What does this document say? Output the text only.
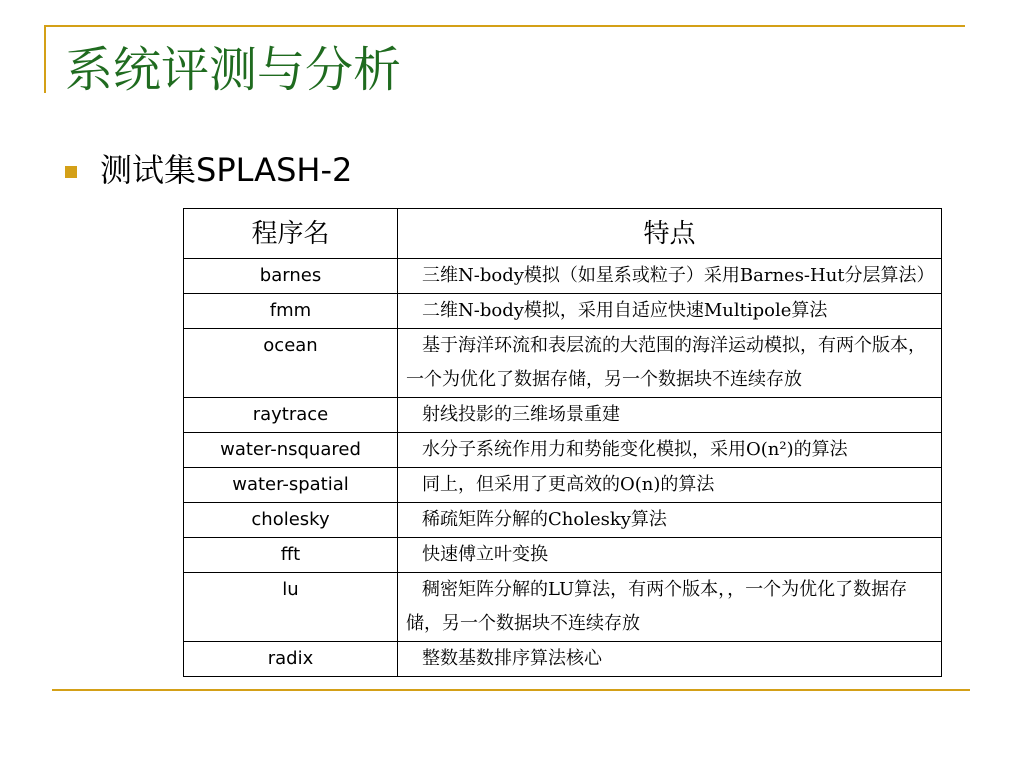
系统评测与分析

测试集SPLASH-2

程序名	特点
barnes	三维N-body模拟（如星系或粒子）采用Barnes-Hut分层算法）
fmm	二维N-body模拟，采用自适应快速Multipole算法
ocean	基于海洋环流和表层流的大范围的海洋运动模拟，有两个版本，一个为优化了数据存储，另一个数据块不连续存放
raytrace	射线投影的三维场景重建
water-nsquared	水分子系统作用力和势能变化模拟，采用O(n²)的算法
water-spatial	同上，但采用了更高效的O(n)的算法
cholesky	稀疏矩阵分解的Cholesky算法
fft	快速傅立叶变换
lu	稠密矩阵分解的LU算法，有两个版本，，一个为优化了数据存储，另一个数据块不连续存放
radix	整数基数排序算法核心
